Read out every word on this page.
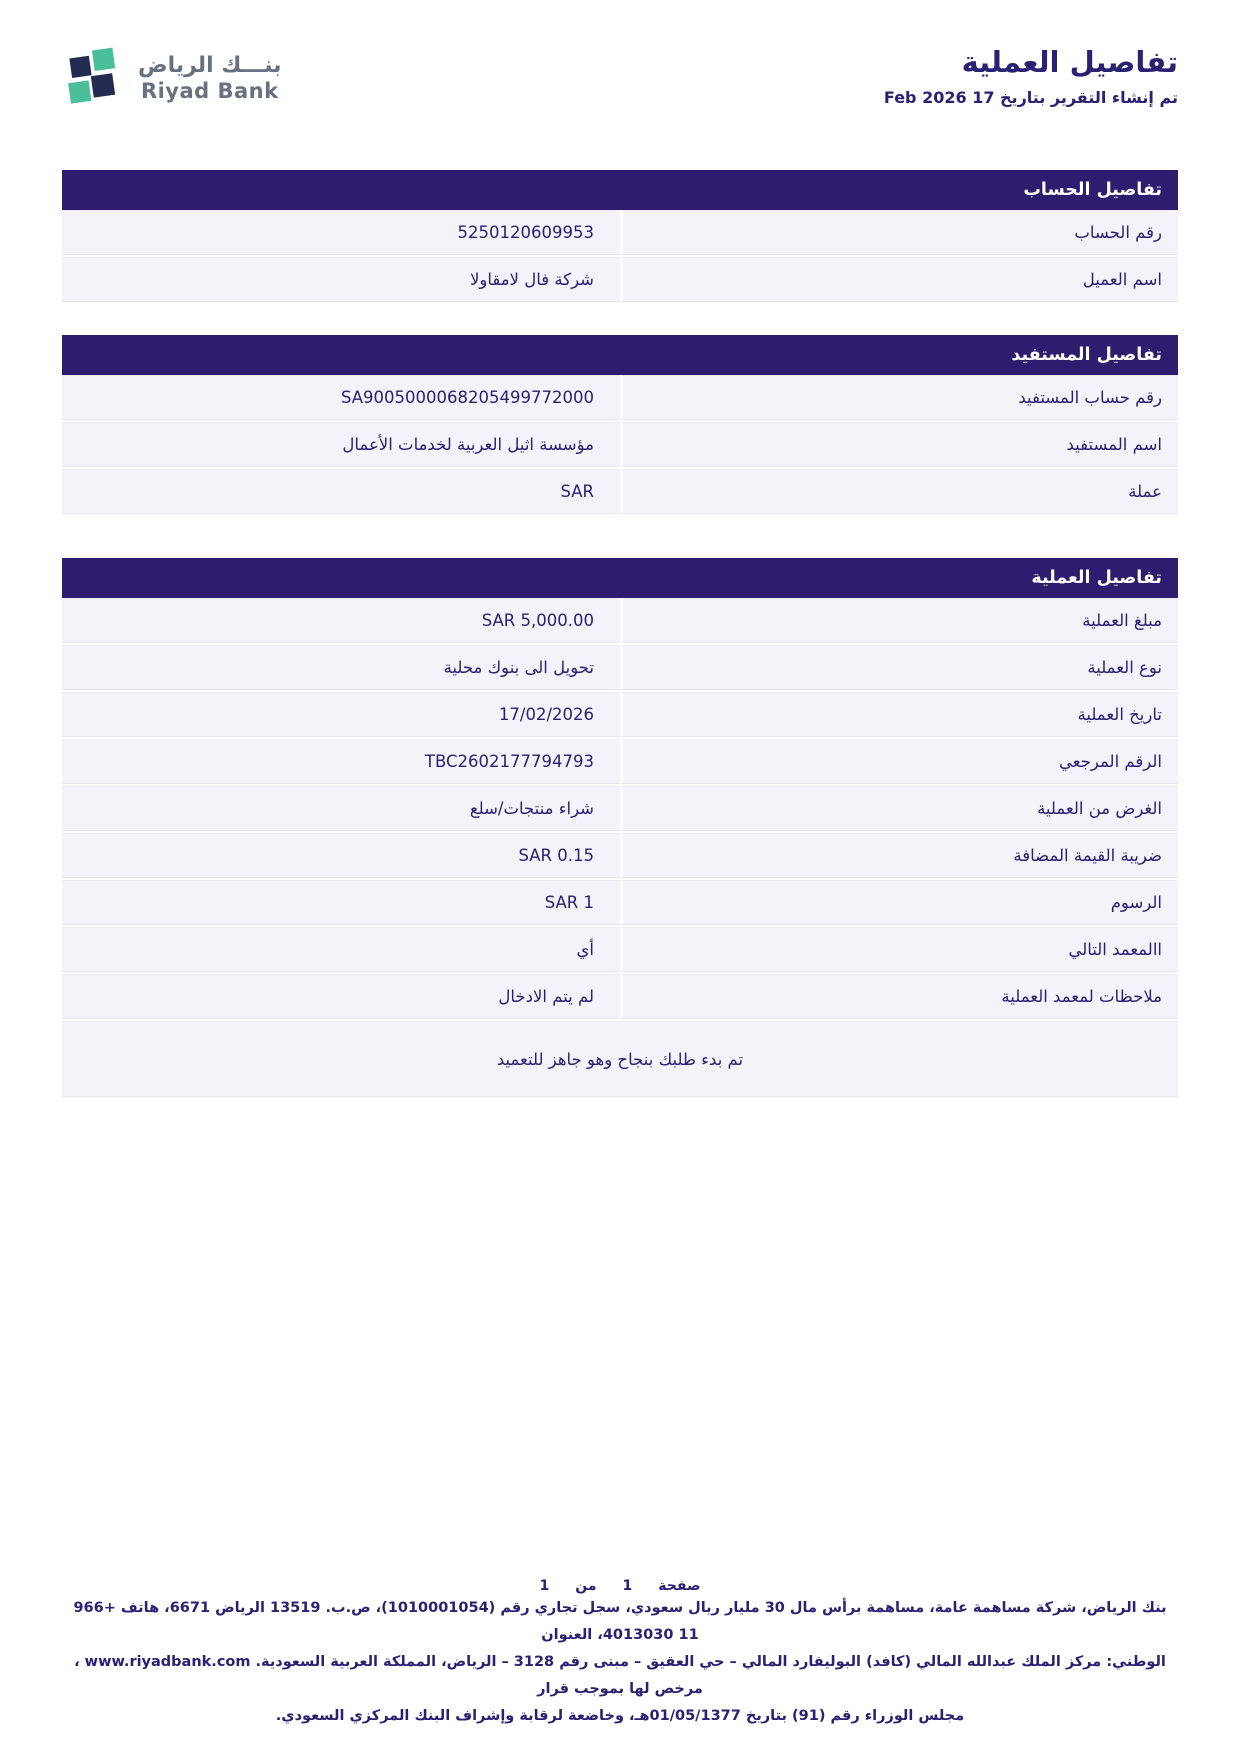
تفاصيل العملية
تم إنشاء التقرير بتاريخ 17 Feb 2026
بنـــك الرياض
Riyad Bank
تفاصيل الحساب
رقم الحساب
5250120609953
اسم العميل
شركة فال لامقاولا
تفاصيل المستفيد
رقم حساب المستفيد
SA9005000068205499772000
اسم المستفيد
مؤسسة اثيل العربية لخدمات الأعمال
عملة
SAR
تفاصيل العملية
مبلغ العملية
SAR 5,000.00
نوع العملية
تحويل الى بنوك محلية
تاريخ العملية
17/02/2026
الرقم المرجعي
TBC2602177794793
الغرض من العملية
شراء منتجات/سلع
ضريبة القيمة المضافة
SAR 0.15
الرسوم
SAR 1
االمعمد التالي
أي
ملاحظات لمعمد العملية
لم يتم الادخال
تم بدء طلبك بنجاح وهو جاهز للتعميد
صفحة
1
من
1
بنك الرياض، شركة مساهمة عامة، مساهمة برأس مال 30 مليار ريال سعودي، سجل تجاري رقم (1010001054)، ص.ب. 13519 الرياض 6671، هاتف +966 11 4013030، العنوان
الوطني: مركز الملك عبدالله المالي (كافد) البوليفارد المالي – حي العقيق – مبنى رقم 3128 – الرياض، المملكة العربية السعودية. www.riyadbank.com ، مرخص لها بموجب قرار
مجلس الوزراء رقم (91) بتاريخ 01/05/1377هـ، وخاضعة لرقابة وإشراف البنك المركزي السعودي.
